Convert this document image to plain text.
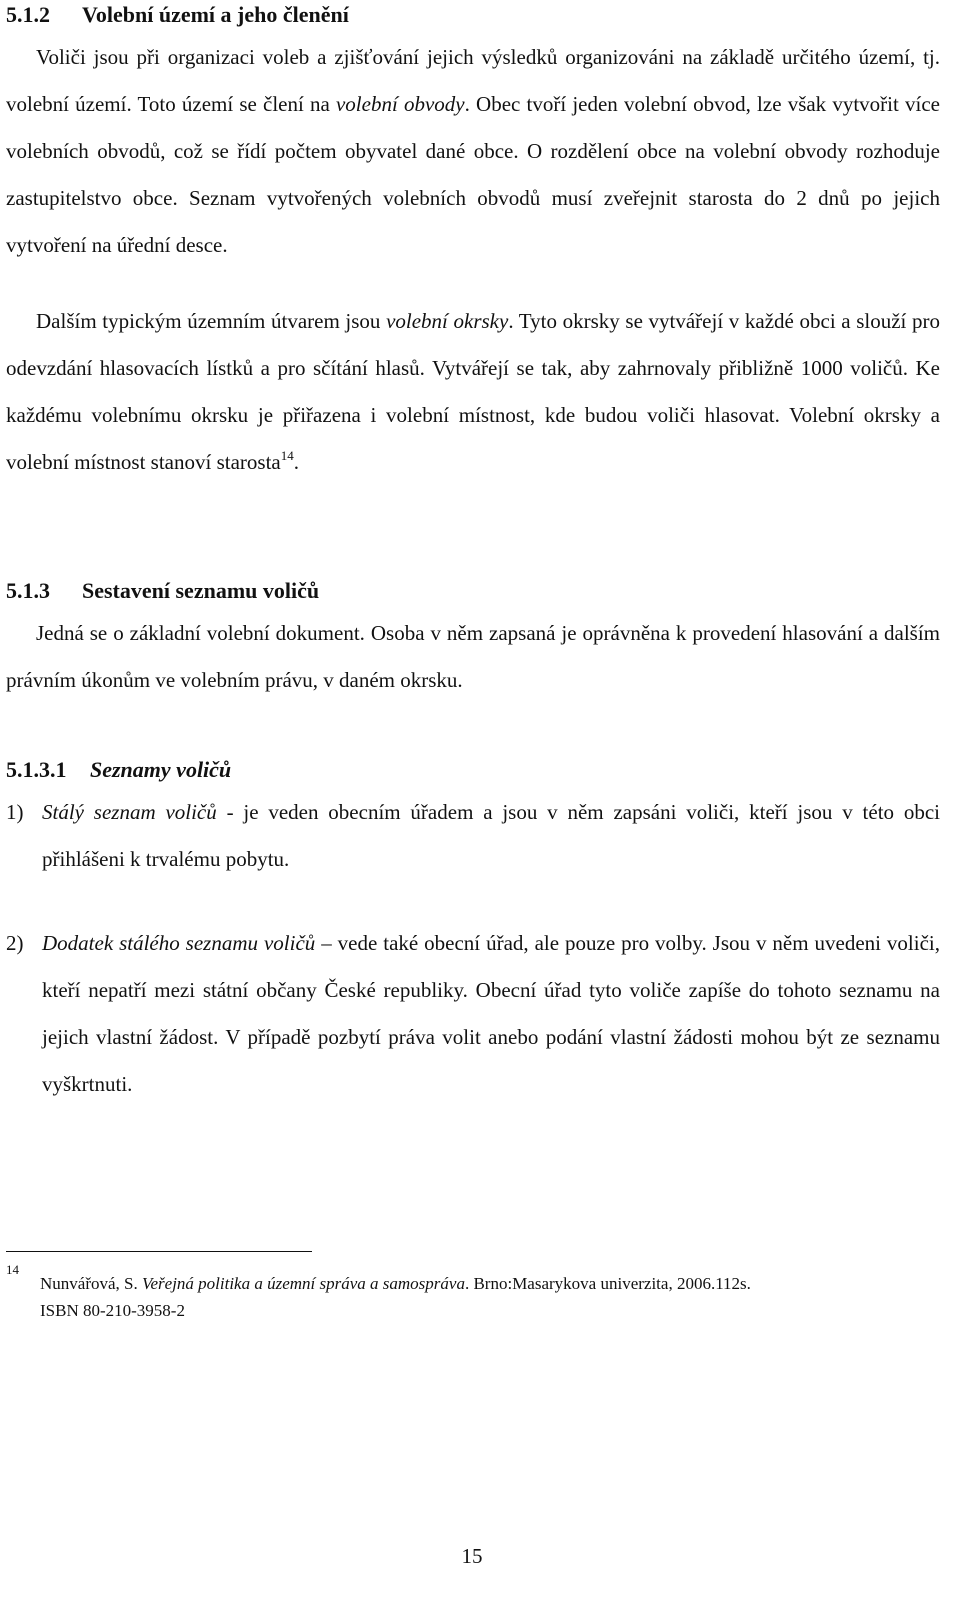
5.1.2 Volební území a jeho členění

Voliči jsou při organizaci voleb a zjišťování jejich výsledků organizováni na základě určitého území, tj. volební území. Toto území se člení na volební obvody. Obec tvoří jeden volební obvod, lze však vytvořit více volebních obvodů, což se řídí počtem obyvatel dané obce. O rozdělení obce na volební obvody rozhoduje zastupitelstvo obce. Seznam vytvořených volebních obvodů musí zveřejnit starosta do 2 dnů po jejich vytvoření na úřední desce.

Dalším typickým územním útvarem jsou volební okrsky. Tyto okrsky se vytvářejí v každé obci a slouží pro odevzdání hlasovacích lístků a pro sčítání hlasů. Vytvářejí se tak, aby zahrnovaly přibližně 1000 voličů. Ke každému volebnímu okrsku je přiřazena i volební místnost, kde budou voliči hlasovat. Volební okrsky a volební místnost stanoví starosta$^{14}$.

5.1.3 Sestavení seznamu voličů

Jedná se o základní volební dokument. Osoba v něm zapsaná je oprávněna k provedení hlasování a dalším právním úkonům ve volebním právu, v daném okrsku.

5.1.3.1 Seznamy voličů
1) Stálý seznam voličů - je veden obecním úřadem a jsou v něm zapsáni voliči, kteří jsou v této obci přihlášeni k trvalému pobytu.
2) Dodatek stálého seznamu voličů – vede také obecní úřad, ale pouze pro volby. Jsou v něm uvedeni voliči, kteří nepatří mezi státní občany České republiky. Obecní úřad tyto voliče zapíše do tohoto seznamu na jejich vlastní žádost. V případě pozbytí práva volit anebo podání vlastní žádosti mohou být ze seznamu vyškrtnuti.
14
Nunvářová, S. Veřejná politika a územní správa a samospráva. Brno:Masarykova univerzita, 2006.112s.
ISBN 80-210-3958-2
15
